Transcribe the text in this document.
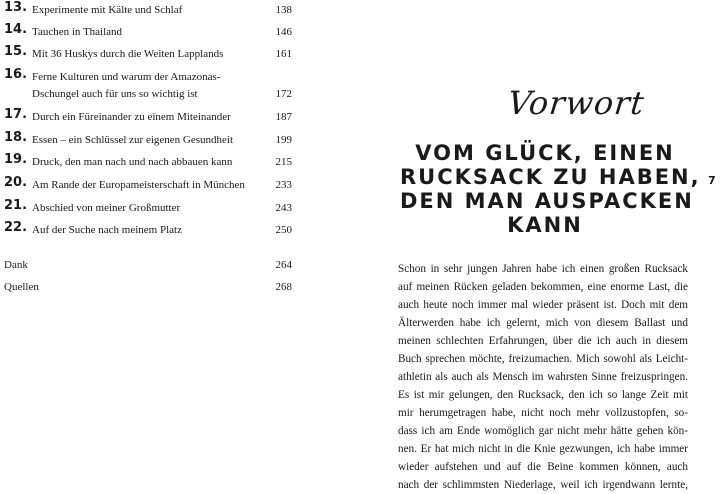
13. Experimente mit Kälte und Schlaf	138
14. Tauchen in Thailand	146
15. Mit 36 Huskys durch die Weiten Lapplands	161
16. Ferne Kulturen und warum der Amazonas-
Dschungel auch für uns so wichtig ist	172
17. Durch ein Füreinander zu einem Miteinander	187
18. Essen – ein Schlüssel zur eigenen Gesundheit	199
19. Druck, den man nach und nach abbauen kann	215
20. Am Rande der Europameisterschaft in München	233
21. Abschied von meiner Großmutter	243
22. Auf der Suche nach meinem Platz	250
Dank	264
Quellen	268
Vorwort
VOM GLÜCK, EINEN
RUCKSACK ZU HABEN,
DEN MAN AUSPACKEN
KANN
7
Schon in sehr jungen Jahren habe ich einen großen Rucksack
auf meinen Rücken geladen bekommen, eine enorme Last, die
auch heute noch immer mal wieder präsent ist. Doch mit dem
Älterwerden habe ich gelernt, mich von diesem Ballast und
meinen schlechten Erfahrungen, über die ich auch in diesem
Buch sprechen möchte, freizumachen. Mich sowohl als Leicht-
athletin als auch als Mensch im wahrsten Sinne freizuspringen.
Es ist mir gelungen, den Rucksack, den ich so lange Zeit mit
mir herumgetragen habe, nicht noch mehr vollzustopfen, so-
dass ich am Ende womöglich gar nicht mehr hätte gehen kön-
nen. Er hat mich nicht in die Knie gezwungen, ich habe immer
wieder aufstehen und auf die Beine kommen können, auch
nach der schlimmsten Niederlage, weil ich irgendwann lernte,
